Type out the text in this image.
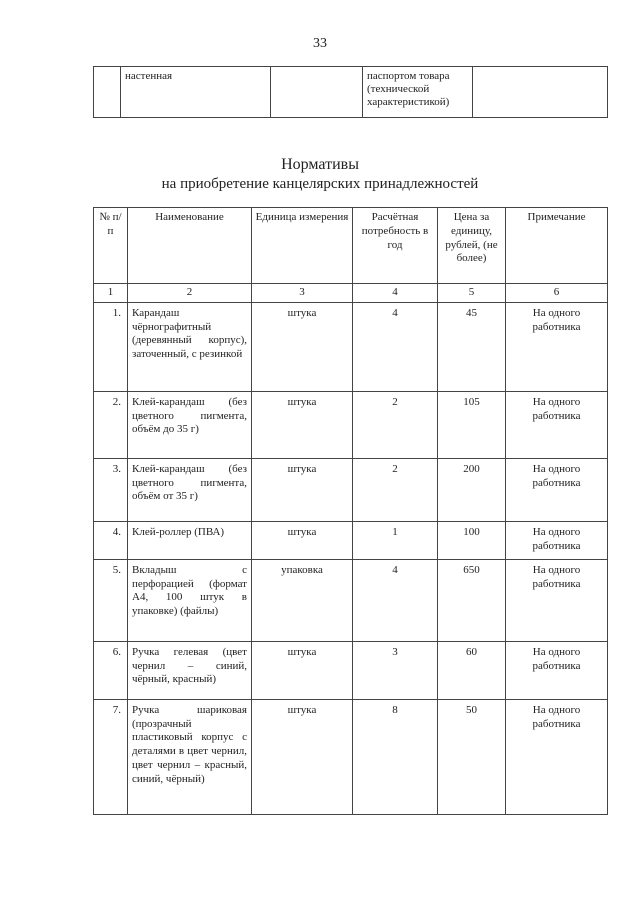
33
	настенная		паспортом товара (технической характеристикой)	
Нормативы
на приобретение канцелярских принадлежностей
№ п/п	Наименование	Единица измерения	Расчётная потребность в год	Цена за единицу, рублей, (не более)	Примечание
1	2	3	4	5	6
1.	Карандаш чёрнографитный (деревянный корпус), заточенный, с резинкой	штука	4	45	На одного работника
2.	Клей-карандаш (без цветного пигмента, объём до 35 г)	штука	2	105	На одного работника
3.	Клей-карандаш (без цветного пигмента, объём от 35 г)	штука	2	200	На одного работника
4.	Клей-роллер (ПВА)	штука	1	100	На одного работника
5.	Вкладыш с перфорацией (формат А4, 100 штук в упаковке) (файлы)	упаковка	4	650	На одного работника
6.	Ручка гелевая (цвет чернил – синий, чёрный, красный)	штука	3	60	На одного работника
7.	Ручка шариковая (прозрачный пластиковый корпус с деталями в цвет чернил, цвет чернил – красный, синий, чёрный)	штука	8	50	На одного работника
